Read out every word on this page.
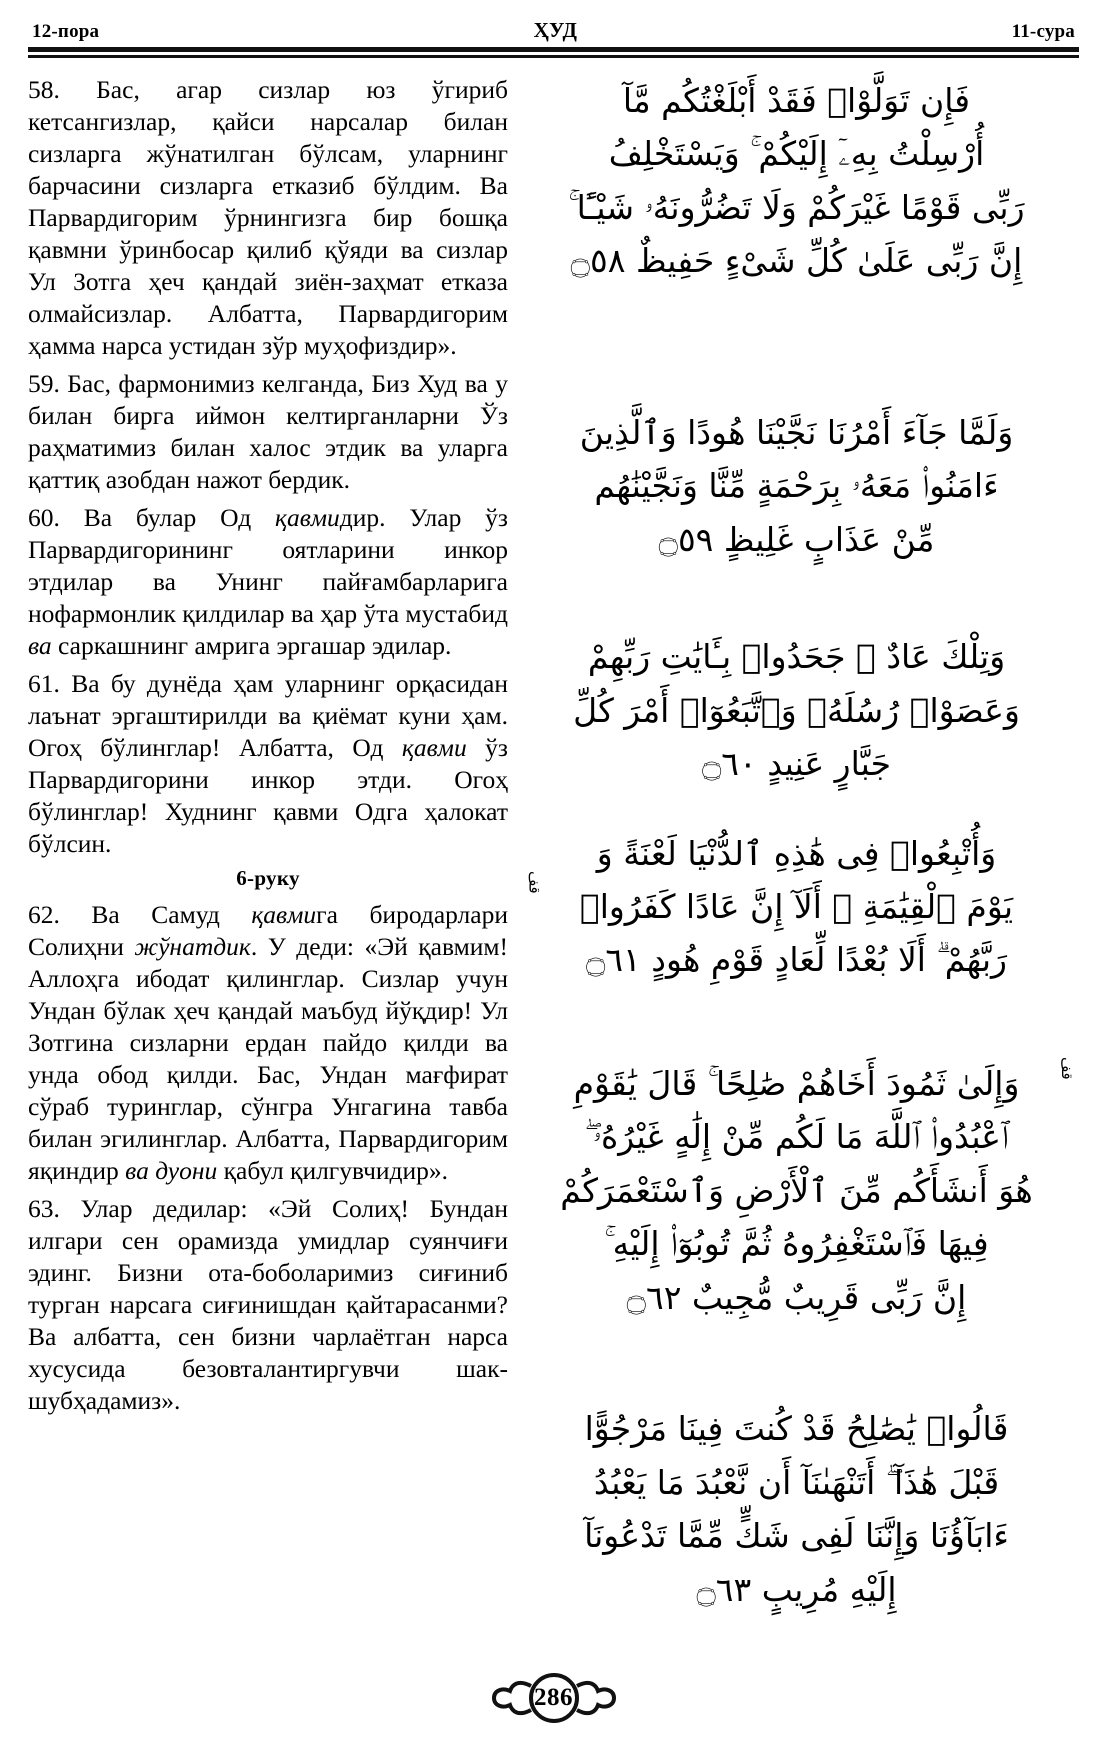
12-пора	ҲУД	11-сура

58. Бас, агар сизлар юз ўгириб кетсангизлар, қайси нарсалар билан сизларга жўнатилган бўлсам, уларнинг барчасини сизларга етказиб бўлдим. Ва Парвардигорим ўрнингизга бир бошқа қавмни ўринбосар қилиб қўяди ва сизлар Ул Зотга ҳеч қандай зиён-заҳмат етказа олмайсизлар. Албатта, Парвардигорим ҳамма нарса устидан зўр муҳофиздир».

59. Бас, фармонимиз келганда, Биз Худ ва у билан бирга иймон келтирганларни Ўз раҳматимиз билан халос этдик ва уларга қаттиқ азобдан нажот бердик.

60. Ва булар Од қавмидир. Улар ўз Парвардигорининг оятларини инкор этдилар ва Унинг пайғамбарларига нофармонлик қилдилар ва ҳар ўта мустабид ва саркашнинг амрига эргашар эдилар.

61. Ва бу дунёда ҳам уларнинг орқасидан лаънат эргаштирилди ва қиёмат куни ҳам. Огоҳ бўлинглар! Албатта, Од қавми ўз Парвардигорини инкор этди. Огоҳ бўлинглар! Худнинг қавми Одга ҳалокат бўлсин.

6-руку

62. Ва Самуд қавмига биродарлари Солиҳни жўнатдик. У деди: «Эй қавмим! Аллоҳга ибодат қилинглар. Сизлар учун Ундан бўлак ҳеч қандай маъбуд йўқдир! Ул Зотгина сизларни ердан пайдо қилди ва унда обод қилди. Бас, Ундан мағфират сўраб туринглар, сўнгра Унгагина тавба билан эгилинглар. Албатта, Парвардигорим яқиндир ва дуони қабул қилгувчидир».

63. Улар дедилар: «Эй Солиҳ! Бундан илгари сен орамизда умидлар суянчиғи эдинг. Бизни ота-боболаримиз сиғиниб турган нарсага сиғинишдан қайтарасанми? Ва албатта, сен бизни чарлаётган нарса хусусида безовталантиргувчи шак-шубҳадамиз».

فَإِن تَوَلَّوْا۟ فَقَدْ أَبْلَغْتُكُم مَّآ
أُرْسِلْتُ بِهِۦٓ إِلَيْكُمْ ۚ وَيَسْتَخْلِفُ
رَبِّى قَوْمًا غَيْرَكُمْ وَلَا تَضُرُّونَهُۥ شَيْـًٔا ۚ
إِنَّ رَبِّى عَلَىٰ كُلِّ شَىْءٍ حَفِيظٌ ۝٥٨
وَلَمَّا جَآءَ أَمْرُنَا نَجَّيْنَا هُودًا وَٱلَّذِينَ
ءَامَنُوا۟ مَعَهُۥ بِرَحْمَةٍ مِّنَّا وَنَجَّيْنَٰهُم
مِّنْ عَذَابٍ غَلِيظٍ ۝٥٩
وَتِلْكَ عَادٌ ۖ جَحَدُوا۟ بِـَٔايَٰتِ رَبِّهِمْ
وَعَصَوْا۟ رُسُلَهُۥ وَٱتَّبَعُوٓا۟ أَمْرَ كُلِّ
جَبَّارٍ عَنِيدٍ ۝٦٠
قف
وَأُتْبِعُوا۟ فِى هَٰذِهِ ٱلدُّنْيَا لَعْنَةً وَ
يَوْمَ ٱلْقِيَٰمَةِ ۗ أَلَآ إِنَّ عَادًا كَفَرُوا۟
رَبَّهُمْ ۗ أَلَا بُعْدًا لِّعَادٍ قَوْمِ هُودٍ ۝٦١
قف
وَإِلَىٰ ثَمُودَ أَخَاهُمْ صَٰلِحًا ۚ قَالَ يَٰقَوْمِ
ٱعْبُدُوا۟ ٱللَّهَ مَا لَكُم مِّنْ إِلَٰهٍ غَيْرُهُۥ ۖ
هُوَ أَنشَأَكُم مِّنَ ٱلْأَرْضِ وَٱسْتَعْمَرَكُمْ
فِيهَا فَٱسْتَغْفِرُوهُ ثُمَّ تُوبُوٓا۟ إِلَيْهِ ۚ
إِنَّ رَبِّى قَرِيبٌ مُّجِيبٌ ۝٦٢
قَالُوا۟ يَٰصَٰلِحُ قَدْ كُنتَ فِينَا مَرْجُوًّا
قَبْلَ هَٰذَآ ۖ أَتَنْهَىٰنَآ أَن نَّعْبُدَ مَا يَعْبُدُ
ءَابَآؤُنَا وَإِنَّنَا لَفِى شَكٍّ مِّمَّا تَدْعُونَآ
إِلَيْهِ مُرِيبٍ ۝٦٣
286
